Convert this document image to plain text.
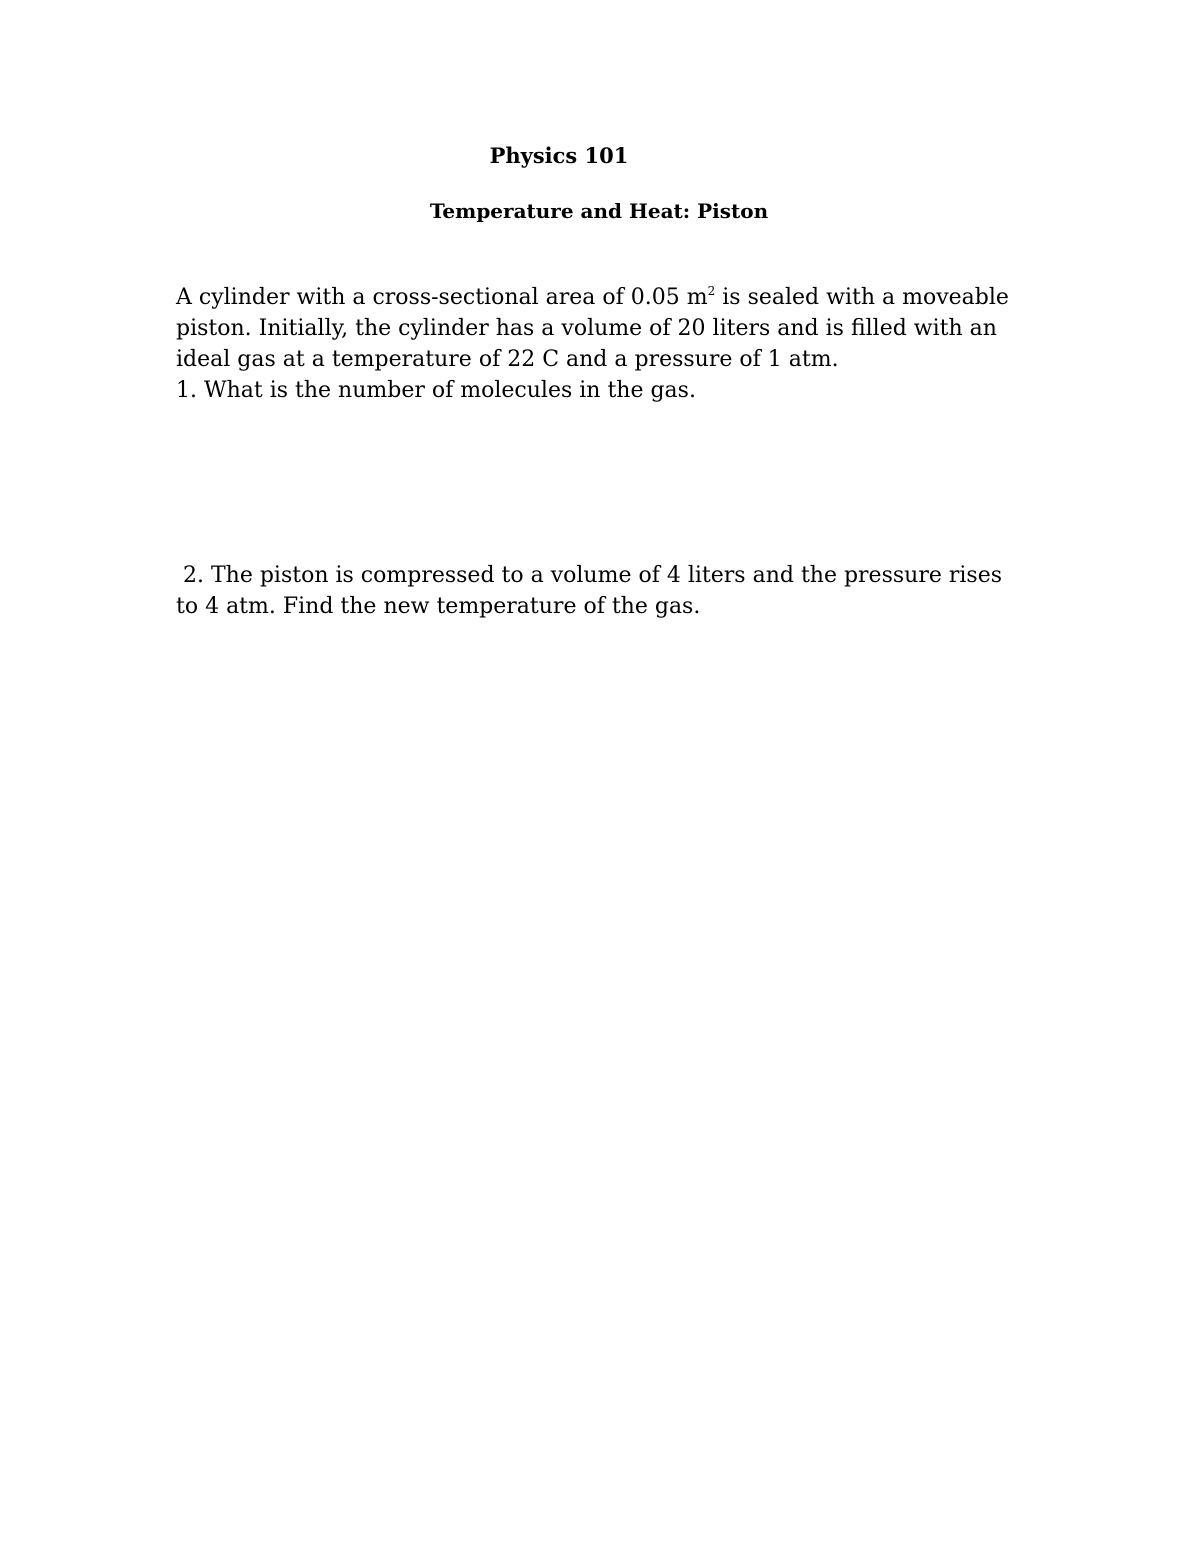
Physics 101
Temperature and Heat: Piston
A cylinder with a cross-sectional area of 0.05 $m^2$ is sealed with a moveable
piston. Initially, the cylinder has a volume of 20 liters and is filled with an
ideal gas at a temperature of 22 C and a pressure of 1 atm.
1. What is the number of molecules in the gas.
2. The piston is compressed to a volume of 4 liters and the pressure rises
to 4 atm. Find the new temperature of the gas.
